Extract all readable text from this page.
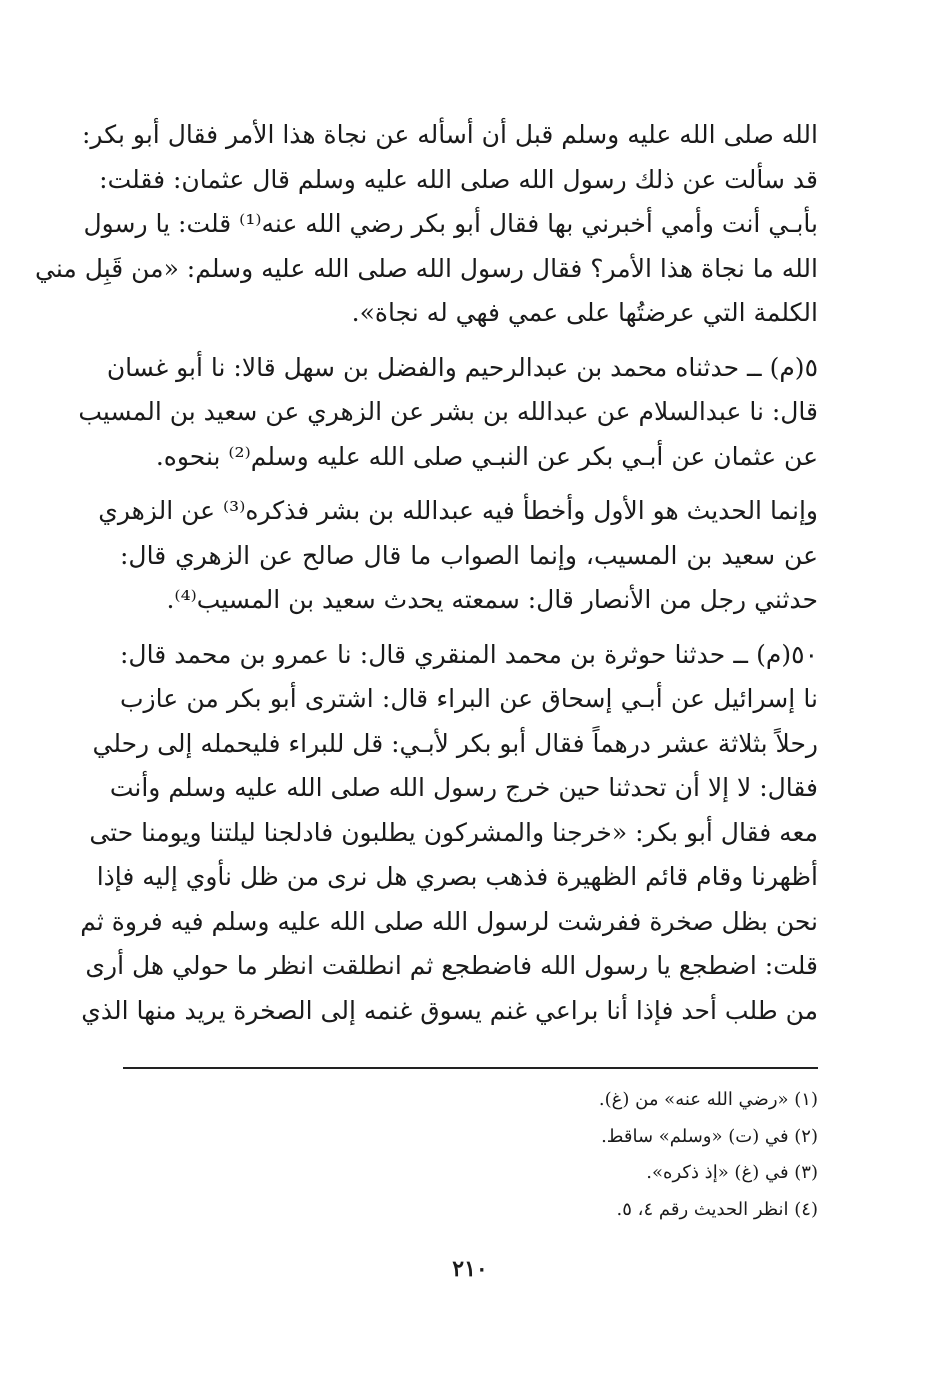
الله صلى الله عليه وسلم قبل أن أسأله عن نجاة هذا الأمر فقال أبو بكر:
قد سألت عن ذلك رسول الله صلى الله عليه وسلم قال عثمان: فقلت:
بأبـي أنت وأمي أخبرني بها فقال أبو بكر رضي الله عنه⁽¹⁾ قلت: يا رسول
الله ما نجاة هذا الأمر؟ فقال رسول الله صلى الله عليه وسلم: «من قَبِل مني
الكلمة التي عرضتُها على عمي فهي له نجاة».
٥(م) ــ حدثناه محمد بن عبدالرحيم والفضل بن سهل قالا: نا أبو غسان
قال: نا عبدالسلام عن عبدالله بن بشر عن الزهري عن سعيد بن المسيب
عن عثمان عن أبـي بكر عن النبـي صلى الله عليه وسلم⁽²⁾ بنحوه.
وإنما الحديث هو الأول وأخطأ فيه عبدالله بن بشر فذكره⁽³⁾ عن الزهري
عن سعيد بن المسيب، وإنما الصواب ما قال صالح عن الزهري قال:
حدثني رجل من الأنصار قال: سمعته يحدث سعيد بن المسيب⁽⁴⁾.
٥٠(م) ــ حدثنا حوثرة بن محمد المنقري قال: نا عمرو بن محمد قال:
نا إسرائيل عن أبـي إسحاق عن البراء قال: اشترى أبو بكر من عازب
رحلاً بثلاثة عشر درهماً فقال أبو بكر لأبـي: قل للبراء فليحمله إلى رحلي
فقال: لا إلا أن تحدثنا حين خرج رسول الله صلى الله عليه وسلم وأنت
معه فقال أبو بكر: «خرجنا والمشركون يطلبون فادلجنا ليلتنا ويومنا حتى
أظهرنا وقام قائم الظهيرة فذهب بصري هل نرى من ظل نأوي إليه فإذا
نحن بظل صخرة ففرشت لرسول الله صلى الله عليه وسلم فيه فروة ثم
قلت: اضطجع يا رسول الله فاضطجع ثم انطلقت انظر ما حولي هل أرى
من طلب أحد فإذا أنا براعي غنم يسوق غنمه إلى الصخرة يريد منها الذي
(١) «رضي الله عنه» من (غ).
(٢) في (ت) «وسلم» ساقط.
(٣) في (غ) «إذ ذكره».
(٤) انظر الحديث رقم ٤، ٥.
٢١٠
